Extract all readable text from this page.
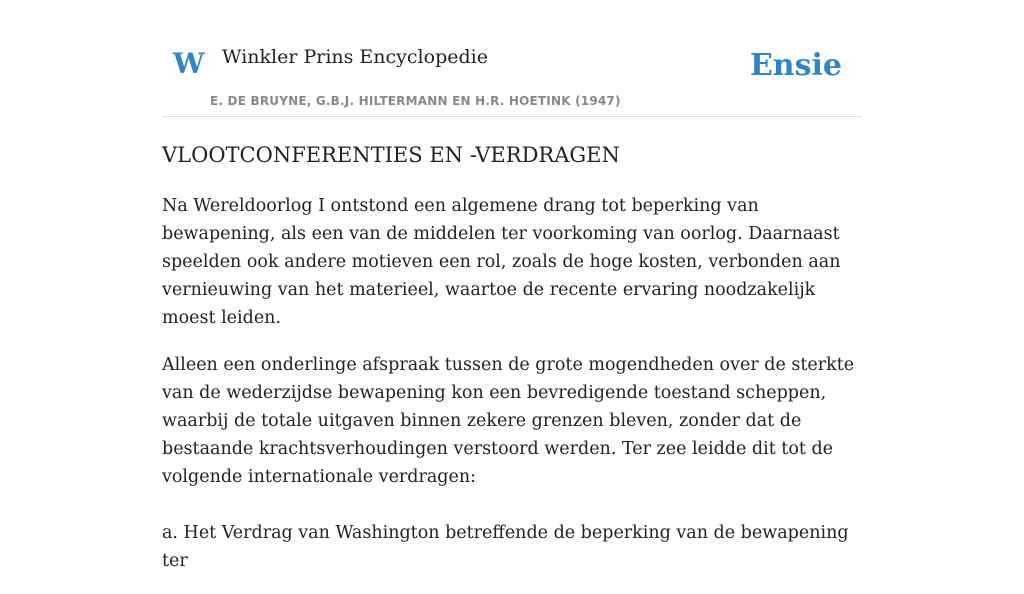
W Winkler Prins Encyclopedie
E. DE BRUYNE, G.B.J. HILTERMANN EN H.R. HOETINK (1947)
Ensie
VLOOTCONFERENTIES EN -VERDRAGEN

Na Wereldoorlog I ontstond een algemene drang tot beperking van bewapening, als een van de middelen ter voorkoming van oorlog. Daarnaast speelden ook andere motieven een rol, zoals de hoge kosten, verbonden aan vernieuwing van het materieel, waartoe de recente ervaring noodzakelijk moest leiden.

Alleen een onderlinge afspraak tussen de grote mogendheden over de sterkte van de wederzijdse bewapening kon een bevredigende toestand scheppen, waarbij de totale uitgaven binnen zekere grenzen bleven, zonder dat de bestaande krachtsverhoudingen verstoord werden. Ter zee leidde dit tot de volgende internationale verdragen:

a. Het Verdrag van Washington betreffende de beperking van de bewapening ter
